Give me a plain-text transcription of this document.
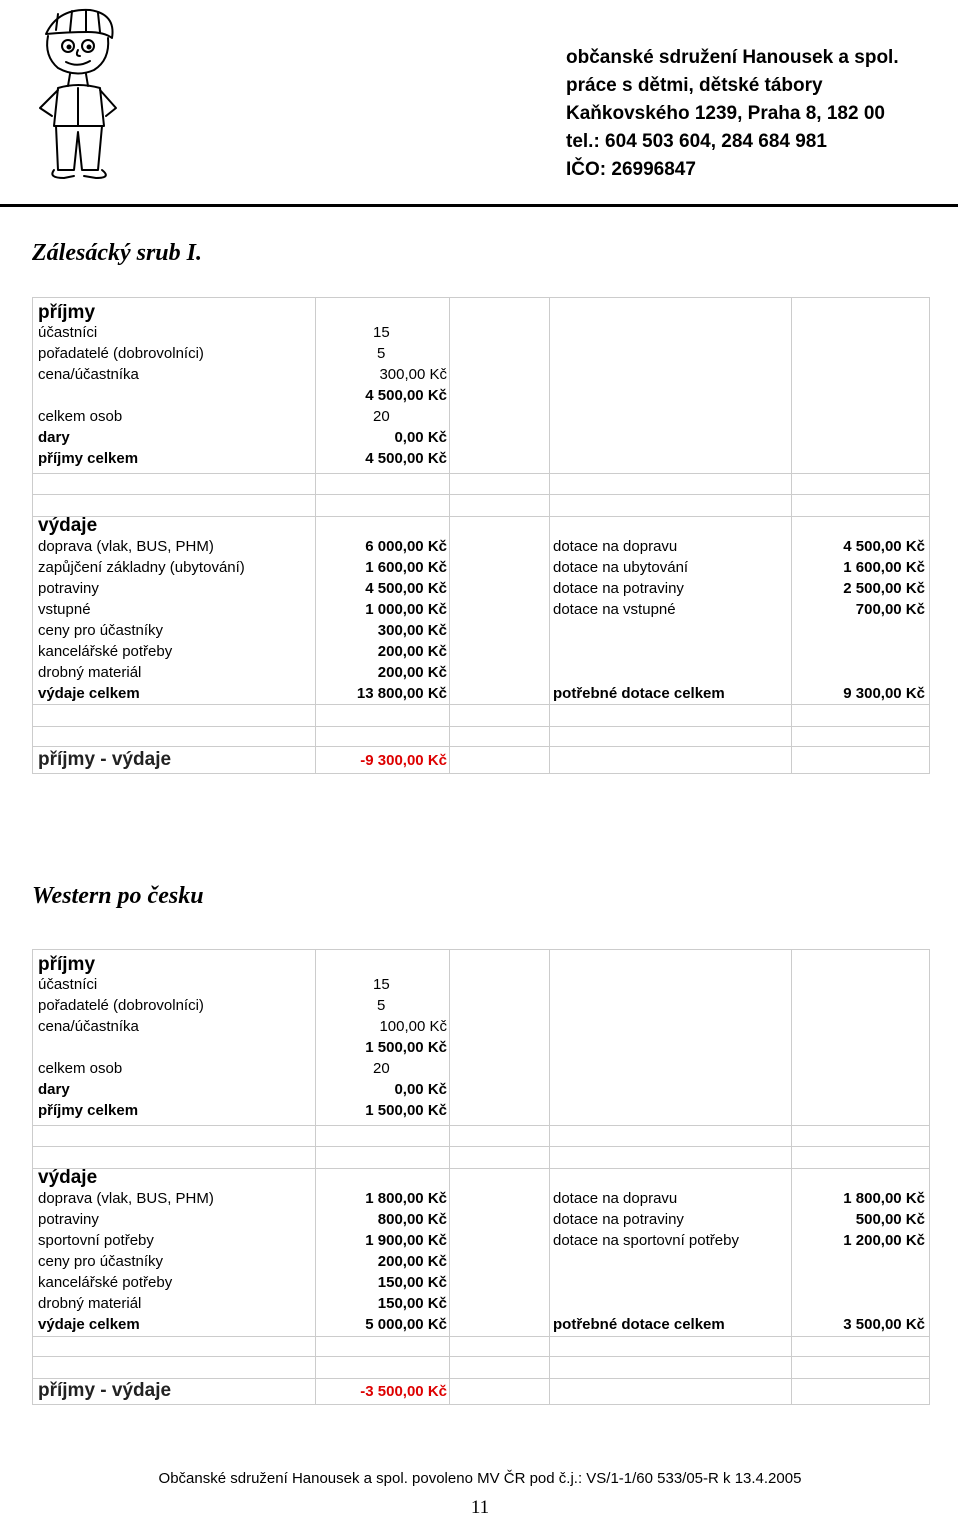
občanské sdružení Hanousek a spol.
práce s dětmi, dětské tábory
Kaňkovského 1239, Praha 8, 182 00
tel.: 604 503 604, 284 684 981
IČO: 26996847
Zálesácký srub I.
příjmy
účastníci	15
pořadatelé (dobrovolníci)	5
cena/účastníka	300,00 Kč
4 500,00 Kč
celkem osob	20
dary	0,00 Kč
příjmy celkem	4 500,00 Kč
výdaje
doprava (vlak, BUS, PHM)	6 000,00 Kč	dotace na dopravu	4 500,00 Kč
zapůjčení základny (ubytování)	1 600,00 Kč	dotace na ubytování	1 600,00 Kč
potraviny	4 500,00 Kč	dotace na potraviny	2 500,00 Kč
vstupné	1 000,00 Kč	dotace na vstupné	700,00 Kč
ceny pro účastníky	300,00 Kč
kancelářské potřeby	200,00 Kč
drobný materiál	200,00 Kč
výdaje celkem	13 800,00 Kč	potřebné dotace celkem	9 300,00 Kč
příjmy - výdaje	-9 300,00 Kč
Western po česku
příjmy
účastníci	15
pořadatelé (dobrovolníci)	5
cena/účastníka	100,00 Kč
1 500,00 Kč
celkem osob	20
dary	0,00 Kč
příjmy celkem	1 500,00 Kč
výdaje
doprava (vlak, BUS, PHM)	1 800,00 Kč	dotace na dopravu	1 800,00 Kč
potraviny	800,00 Kč	dotace na potraviny	500,00 Kč
sportovní potřeby	1 900,00 Kč	dotace na sportovní potřeby	1 200,00 Kč
ceny pro účastníky	200,00 Kč
kancelářské potřeby	150,00 Kč
drobný materiál	150,00 Kč
výdaje celkem	5 000,00 Kč	potřebné dotace celkem	3 500,00 Kč
příjmy - výdaje	-3 500,00 Kč
Občanské sdružení Hanousek a spol. povoleno MV ČR pod č.j.: VS/1-1/60 533/05-R k 13.4.2005
11
